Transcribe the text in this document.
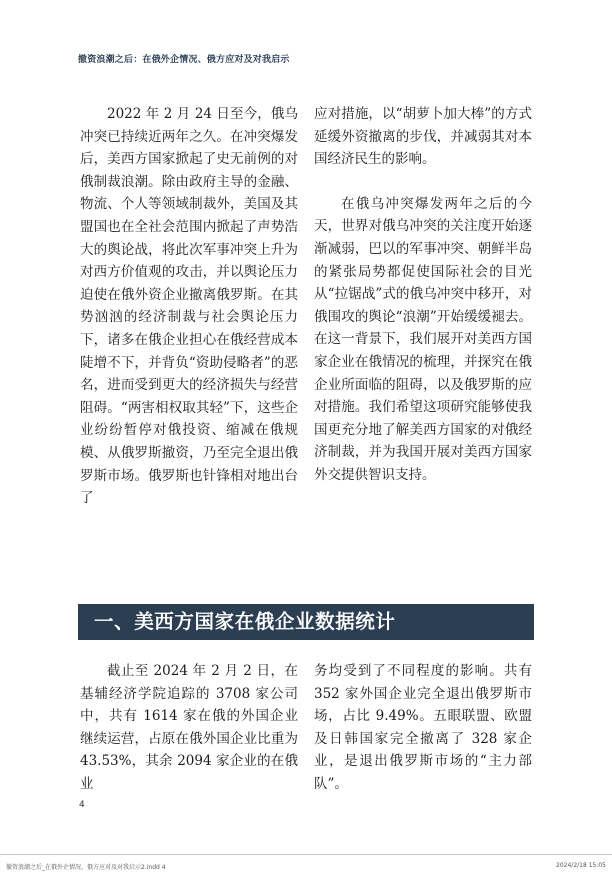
撤资浪潮之后：在俄外企情况、俄方应对及对我启示

2022 年 2 月 24 日至今，俄乌冲突已持续近两年之久。在冲突爆发后，美西方国家掀起了史无前例的对俄制裁浪潮。除由政府主导的金融、物流、个人等领域制裁外，美国及其盟国也在全社会范围内掀起了声势浩大的舆论战，将此次军事冲突上升为对西方价值观的攻击，并以舆论压力迫使在俄外资企业撤离俄罗斯。在其势汹汹的经济制裁与社会舆论压力下，诸多在俄企业担心在俄经营成本陡增不下，并背负“资助侵略者”的恶名，进而受到更大的经济损失与经营阻碍。“两害相权取其轻”下，这些企业纷纷暂停对俄投资、缩减在俄规模、从俄罗斯撤资，乃至完全退出俄罗斯市场。俄罗斯也针锋相对地出台了

应对措施，以“胡萝卜加大棒”的方式延缓外资撤离的步伐，并减弱其对本国经济民生的影响。

在俄乌冲突爆发两年之后的今天，世界对俄乌冲突的关注度开始逐渐减弱，巴以的军事冲突、朝鲜半岛的紧张局势都促使国际社会的目光从“拉锯战”式的俄乌冲突中移开，对俄围攻的舆论“浪潮”开始缓缓褪去。在这一背景下，我们展开对美西方国家企业在俄情况的梳理，并探究在俄企业所面临的阻碍，以及俄罗斯的应对措施。我们希望这项研究能够使我国更充分地了解美西方国家的对俄经济制裁，并为我国开展对美西方国家外交提供智识支持。

一、美西方国家在俄企业数据统计

截止至 2024 年 2 月 2 日，在基辅经济学院追踪的 3708 家公司中，共有 1614 家在俄的外国企业继续运营，占原在俄外国企业比重为 43.53%，其余 2094 家企业的在俄业

务均受到了不同程度的影响。共有 352 家外国企业完全退出俄罗斯市场，占比 9.49%。五眼联盟、欧盟及日韩国家完全撤离了 328 家企业，是退出俄罗斯市场的“主力部队”。

4
撤资浪潮之后_在俄外企情况、俄方应对及对我启示2.indd 4	2024/2/18 15:05
